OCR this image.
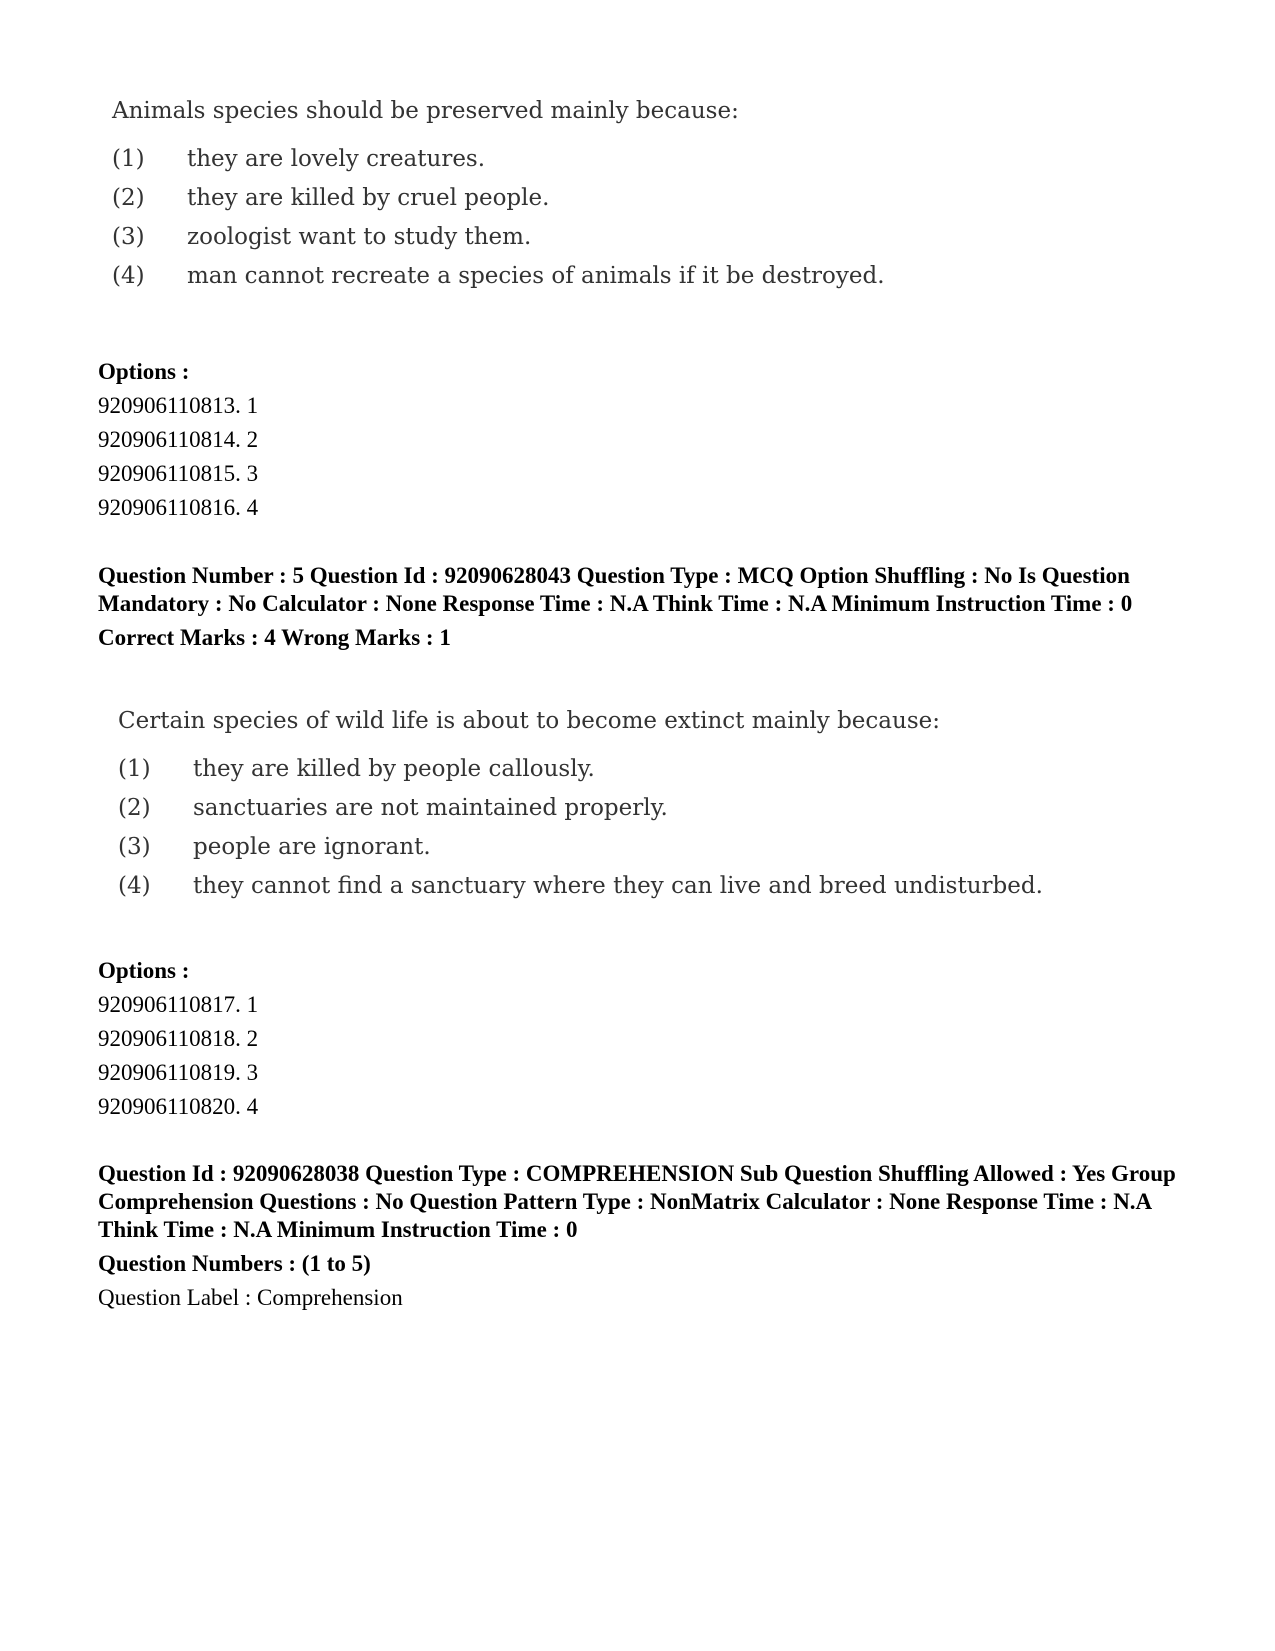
Animals species should be preserved mainly because:
(1)	they are lovely creatures.
(2)	they are killed by cruel people.
(3)	zoologist want to study them.
(4)	man cannot recreate a species of animals if it be destroyed.
Options :
920906110813. 1
920906110814. 2
920906110815. 3
920906110816. 4
Question Number : 5 Question Id : 92090628043 Question Type : MCQ Option Shuffling : No Is Question Mandatory : No Calculator : None Response Time : N.A Think Time : N.A Minimum Instruction Time : 0
Correct Marks : 4 Wrong Marks : 1
Certain species of wild life is about to become extinct mainly because:
(1)	they are killed by people callously.
(2)	sanctuaries are not maintained properly.
(3)	people are ignorant.
(4)	they cannot find a sanctuary where they can live and breed undisturbed.
Options :
920906110817. 1
920906110818. 2
920906110819. 3
920906110820. 4
Question Id : 92090628038 Question Type : COMPREHENSION Sub Question Shuffling Allowed : Yes Group Comprehension Questions : No Question Pattern Type : NonMatrix Calculator : None Response Time : N.A Think Time : N.A Minimum Instruction Time : 0
Question Numbers : (1 to 5)
Question Label : Comprehension
